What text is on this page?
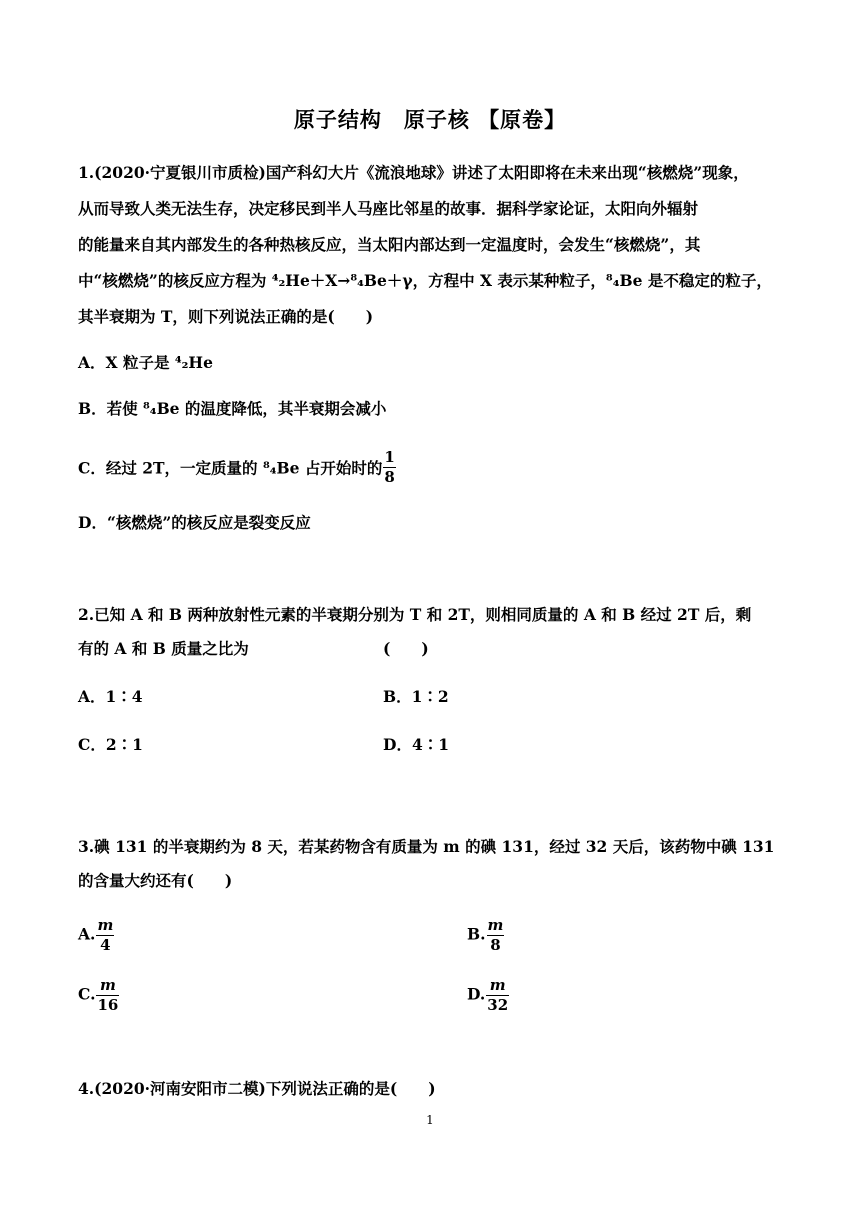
原子结构　原子核 【原卷】
1.(2020·宁夏银川市质检)国产科幻大片《流浪地球》讲述了太阳即将在未来出现“核燃烧”现象，
从而导致人类无法生存，决定移民到半人马座比邻星的故事．据科学家论证，太阳向外辐射
的能量来自其内部发生的各种热核反应，当太阳内部达到一定温度时，会发生“核燃烧”，其
中“核燃烧”的核反应方程为 ⁴₂He＋X→⁸₄Be＋γ，方程中 X 表示某种粒子，⁸₄Be 是不稳定的粒子，
其半衰期为 T，则下列说法正确的是(　　)
A．X 粒子是 ⁴₂He
B．若使 ⁸₄Be 的温度降低，其半衰期会减小
C．经过 2T，一定质量的 ⁸₄Be 占开始时的 $\frac{1}{8}$
D．“核燃烧”的核反应是裂变反应
2.已知 A 和 B 两种放射性元素的半衰期分别为 T 和 2T，则相同质量的 A 和 B 经过 2T 后，剩
有的 A 和 B 质量之比为	(　　)
A．1∶4	B．1∶2
C．2∶1	D．4∶1
3.碘 131 的半衰期约为 8 天，若某药物含有质量为 m 的碘 131，经过 32 天后，该药物中碘 131
的含量大约还有(　　)
A. $\frac{m}{4}$	B. $\frac{m}{8}$
C. $\frac{m}{16}$	D. $\frac{m}{32}$
4.(2020·河南安阳市二模)下列说法正确的是(　　)
1
